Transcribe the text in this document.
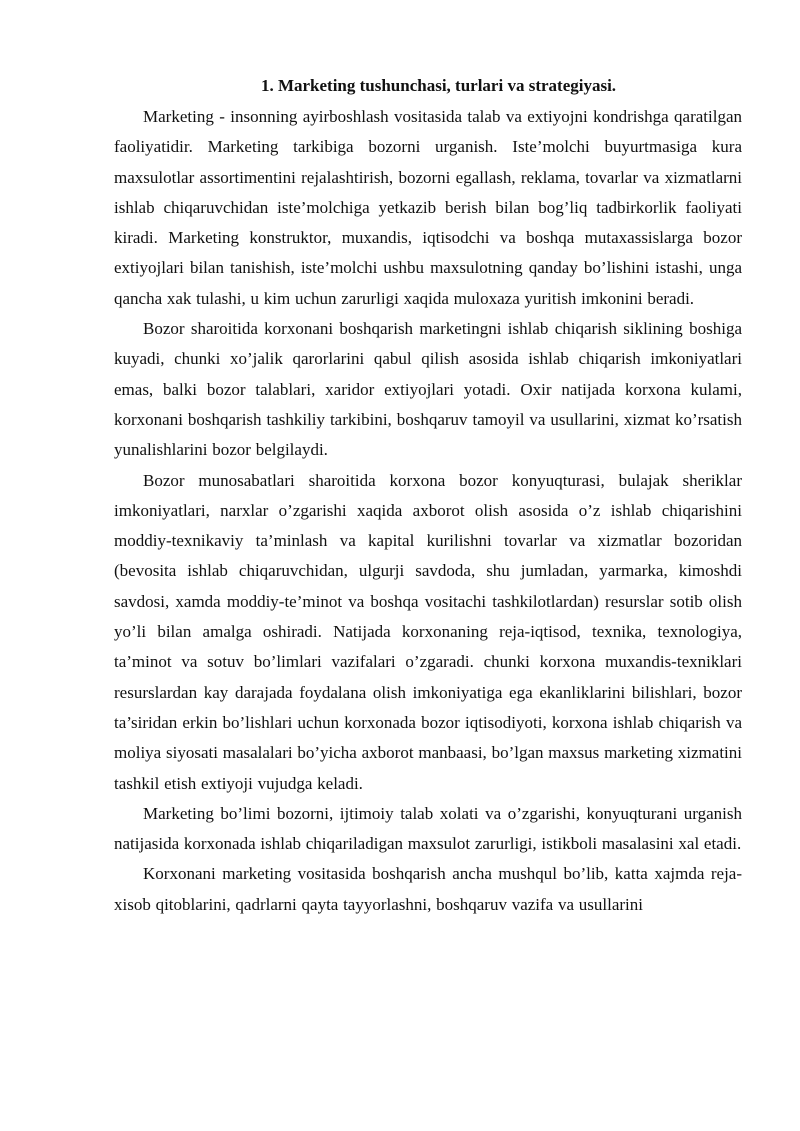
1. Marketing tushunchasi, turlari va strategiyasi.

Marketing - insonning ayirboshlash vositasida talab va extiyojni kondrishga qaratilgan faoliyatidir. Marketing tarkibiga bozorni urganish. Iste’molchi buyurtmasiga kura maxsulotlar assortimentini rejalashtirish, bozorni egallash, reklama, tovarlar va xizmatlarni ishlab chiqaruvchidan iste’molchiga yetkazib berish bilan bog’liq tadbirkorlik faoliyati kiradi. Marketing konstruktor, muxandis, iqtisodchi va boshqa mutaxassislarga bozor extiyojlari bilan tanishish, iste’molchi ushbu maxsulotning qanday bo’lishini istashi, unga qancha xak tulashi, u kim uchun zarurligi xaqida muloxaza yuritish imkonini beradi.

Bozor sharoitida korxonani boshqarish marketingni ishlab chiqarish siklining boshiga kuyadi, chunki xo’jalik qarorlarini qabul qilish asosida ishlab chiqarish imkoniyatlari emas, balki bozor talablari, xaridor extiyojlari yotadi. Oxir natijada korxona kulami, korxonani boshqarish tashkiliy tarkibini, boshqaruv tamoyil va usullarini, xizmat ko’rsatish yunalishlarini bozor belgilaydi.

Bozor munosabatlari sharoitida korxona bozor konyuqturasi, bulajak sheriklar imkoniyatlari, narxlar o’zgarishi xaqida axborot olish asosida o’z ishlab chiqarishini moddiy-texnikaviy ta’minlash va kapital kurilishni tovarlar va xizmatlar bozoridan (bevosita ishlab chiqaruvchidan, ulgurji savdoda, shu jumladan, yarmarka, kimoshdi savdosi, xamda moddiy-te’minot va boshqa vositachi tashkilotlardan) resurslar sotib olish yo’li bilan amalga oshiradi. Natijada korxonaning reja-iqtisod, texnika, texnologiya, ta’minot va sotuv bo’limlari vazifalari o’zgaradi. chunki korxona muxandis-texniklari resurslardan kay darajada foydalana olish imkoniyatiga ega ekanliklarini bilishlari, bozor ta’siridan erkin bo’lishlari uchun korxonada bozor iqtisodiyoti, korxona ishlab chiqarish va moliya siyosati masalalari bo’yicha axborot manbaasi, bo’lgan maxsus marketing xizmatini tashkil etish extiyoji vujudga keladi.

Marketing bo’limi bozorni, ijtimoiy talab xolati va o’zgarishi, konyuqturani urganish natijasida korxonada ishlab chiqariladigan maxsulot zarurligi, istikboli masalasini xal etadi.

Korxonani marketing vositasida boshqarish ancha mushqul bo’lib, katta xajmda reja-xisob qitoblarini, qadrlarni qayta tayyorlashni, boshqaruv vazifa va usullarini
